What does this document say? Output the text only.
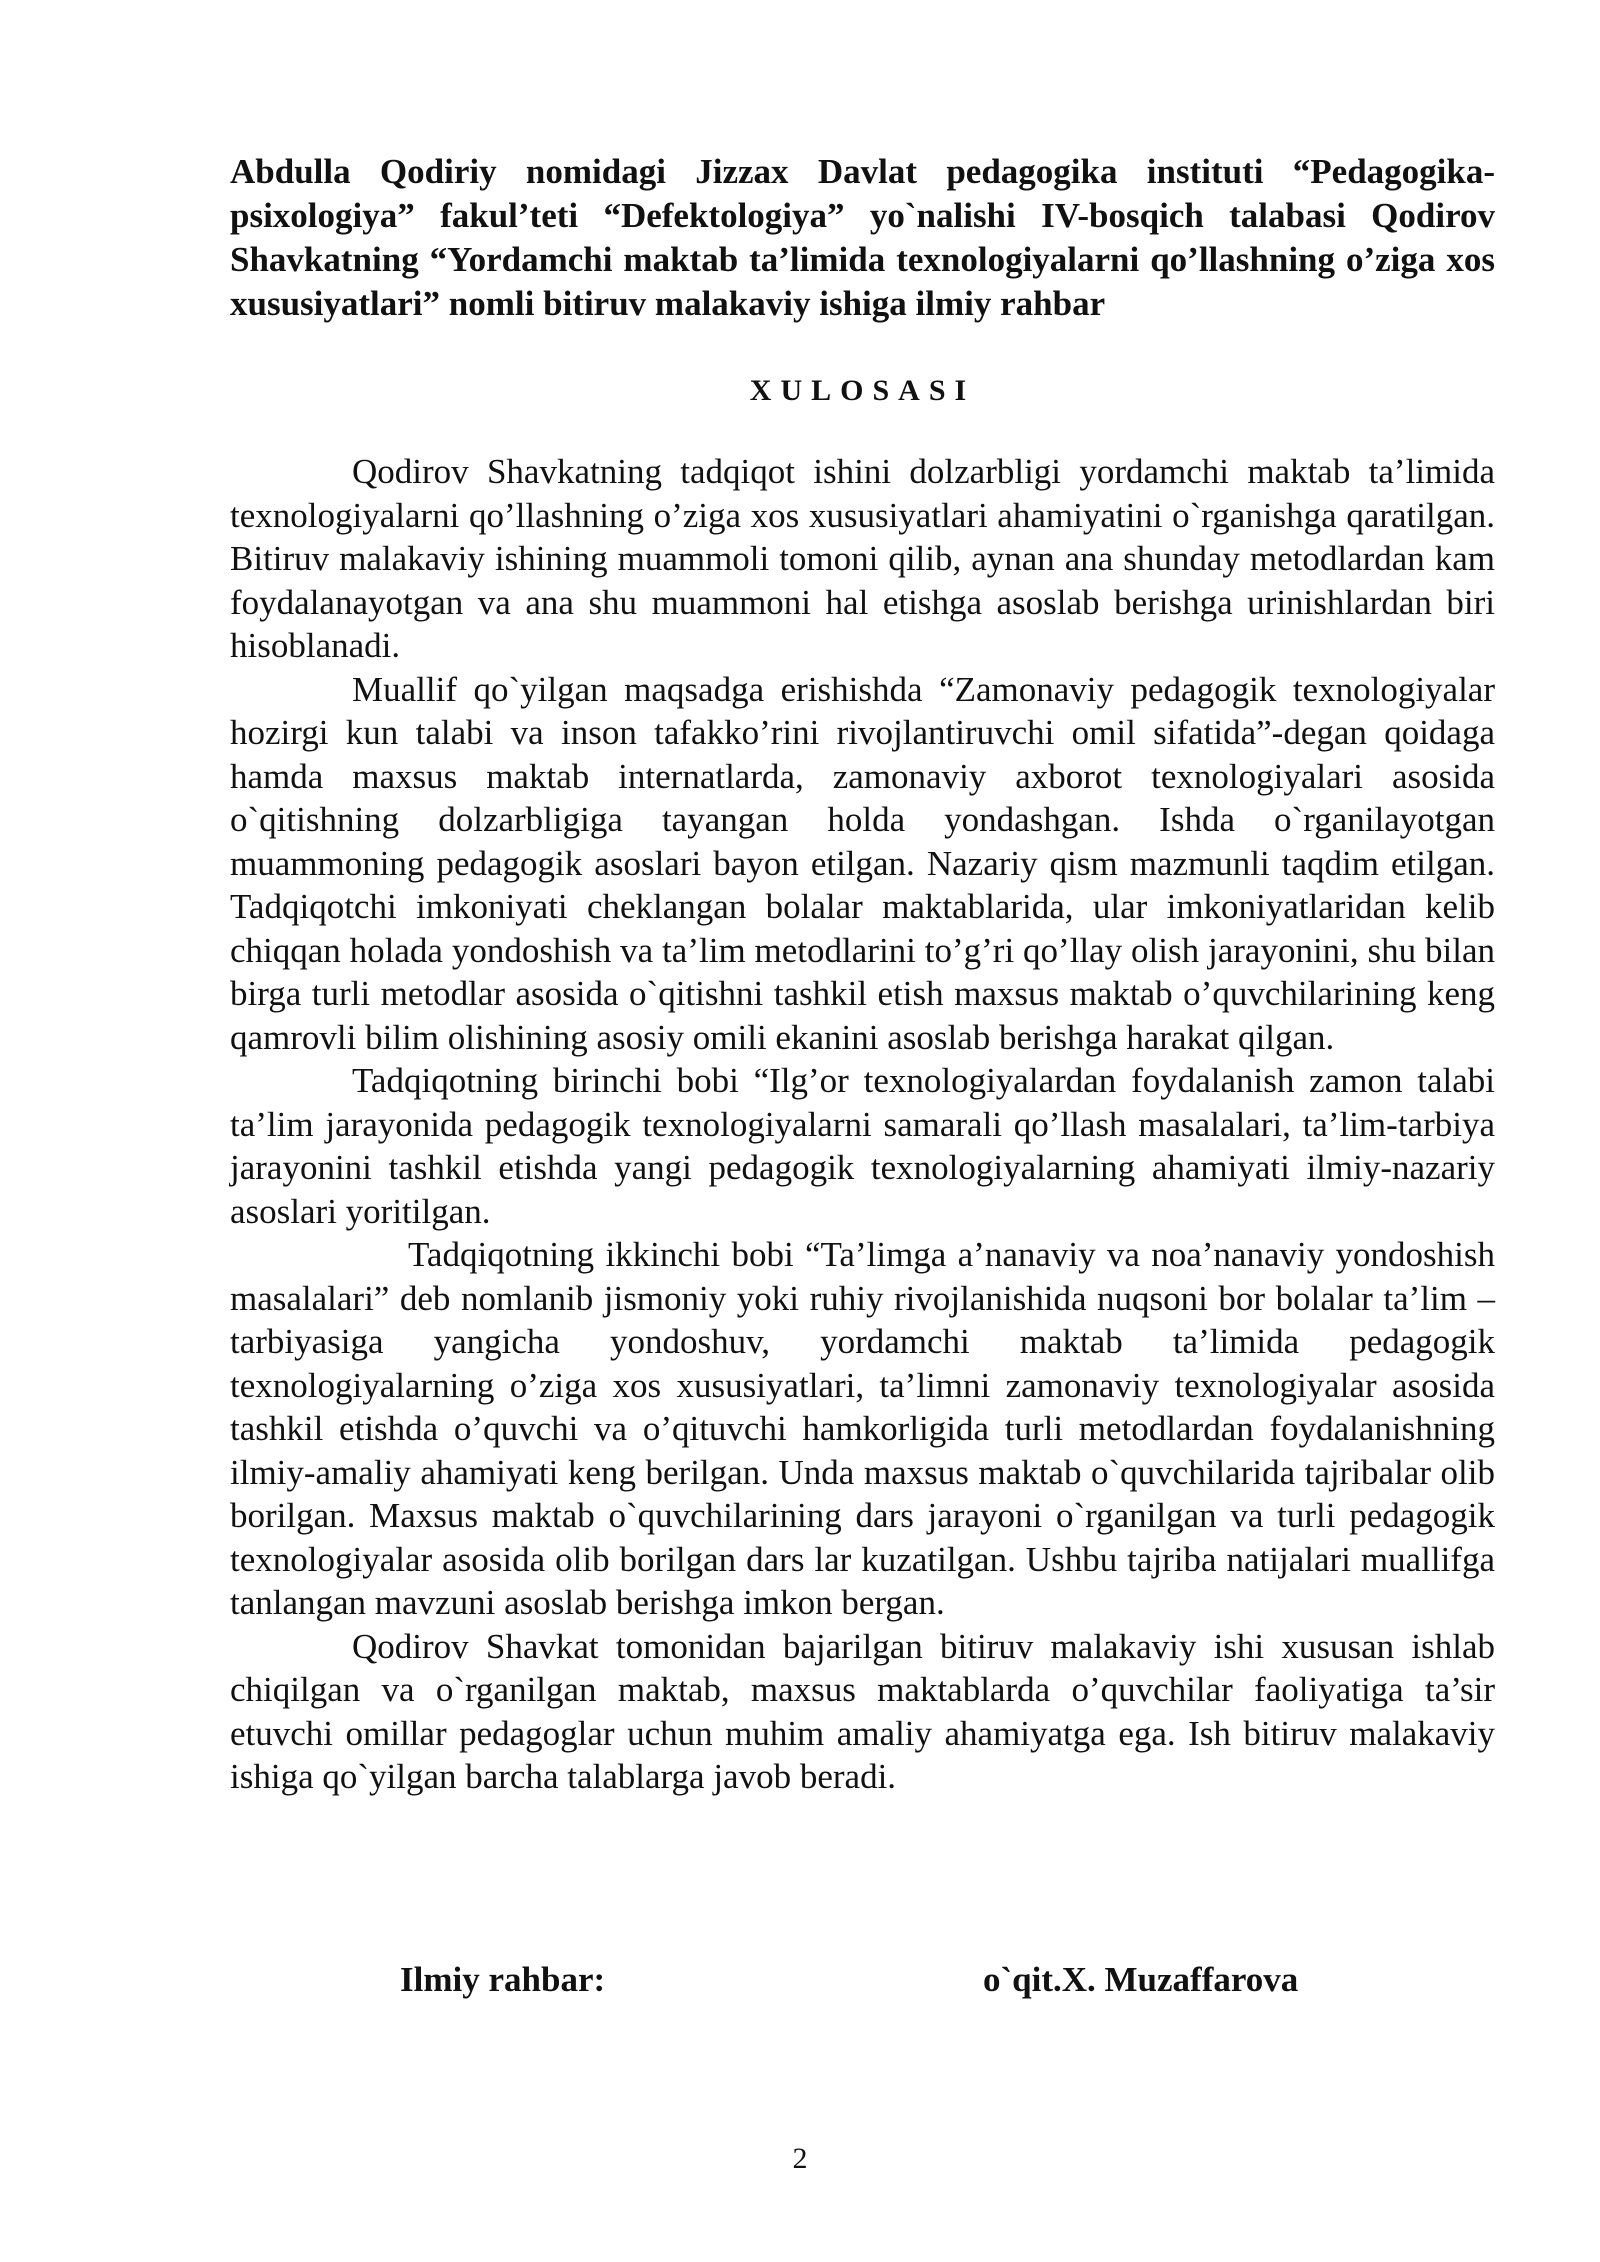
Abdulla Qodiriy nomidagi Jizzax Davlat pedagogika instituti “Pedagogika-psixologiya” fakul’teti “Defektologiya” yo`nalishi IV-bosqich talabasi Qodirov Shavkatning “Yordamchi maktab ta’limida texnologiyalarni qo’llashning o’ziga xos xususiyatlari” nomli bitiruv malakaviy ishiga ilmiy rahbar

XULOSASI

Qodirov Shavkatning tadqiqot ishini dolzarbligi yordamchi maktab ta’limida texnologiyalarni qo’llashning o’ziga xos xususiyatlari ahamiyatini o`rganishga qaratilgan. Bitiruv malakaviy ishining muammoli tomoni qilib, aynan ana shunday metodlardan kam foydalanayotgan va ana shu muammoni hal etishga asoslab berishga urinishlardan biri hisoblanadi.

Muallif qo`yilgan maqsadga erishishda “Zamonaviy pedagogik texnologiyalar hozirgi kun talabi va inson tafakko’rini rivojlantiruvchi omil sifatida”-degan qoidaga hamda maxsus maktab internatlarda, zamonaviy axborot texnologiyalari asosida o`qitishning dolzarbligiga tayangan holda yondashgan. Ishda o`rganilayotgan muammoning pedagogik asoslari bayon etilgan. Nazariy qism mazmunli taqdim etilgan. Tadqiqotchi imkoniyati cheklangan bolalar maktablarida, ular imkoniyatlaridan kelib chiqqan holada yondoshish va ta’lim metodlarini to’g’ri qo’llay olish jarayonini, shu bilan birga turli metodlar asosida o`qitishni tashkil etish maxsus maktab o’quvchilarining keng qamrovli bilim olishining asosiy omili ekanini asoslab berishga harakat qilgan.

Tadqiqotning birinchi bobi “Ilg’or texnologiyalardan foydalanish zamon talabi ta’lim jarayonida pedagogik texnologiyalarni samarali qo’llash masalalari, ta’lim-tarbiya jarayonini tashkil etishda yangi pedagogik texnologiyalarning ahamiyati ilmiy-nazariy asoslari yoritilgan.

Tadqiqotning ikkinchi bobi “Ta’limga a’nanaviy va noa’nanaviy yondoshish masalalari” deb nomlanib jismoniy yoki ruhiy rivojlanishida nuqsoni bor bolalar ta’lim – tarbiyasiga yangicha yondoshuv, yordamchi maktab ta’limida pedagogik texnologiyalarning o’ziga xos xususiyatlari, ta’limni zamonaviy texnologiyalar asosida tashkil etishda o’quvchi va o’qituvchi hamkorligida turli metodlardan foydalanishning ilmiy-amaliy ahamiyati keng berilgan. Unda maxsus maktab o`quvchilarida tajribalar olib borilgan. Maxsus maktab o`quvchilarining dars jarayoni o`rganilgan va turli pedagogik texnologiyalar asosida olib borilgan dars lar kuzatilgan. Ushbu tajriba natijalari muallifga tanlangan mavzuni asoslab berishga imkon bergan.

Qodirov Shavkat tomonidan bajarilgan bitiruv malakaviy ishi xususan ishlab chiqilgan va o`rganilgan maktab, maxsus maktablarda o’quvchilar faoliyatiga ta’sir etuvchi omillar pedagoglar uchun muhim amaliy ahamiyatga ega. Ish bitiruv malakaviy ishiga qo`yilgan barcha talablarga javob beradi.

Ilmiy rahbar:	o`qit.X. Muzaffarova
2
